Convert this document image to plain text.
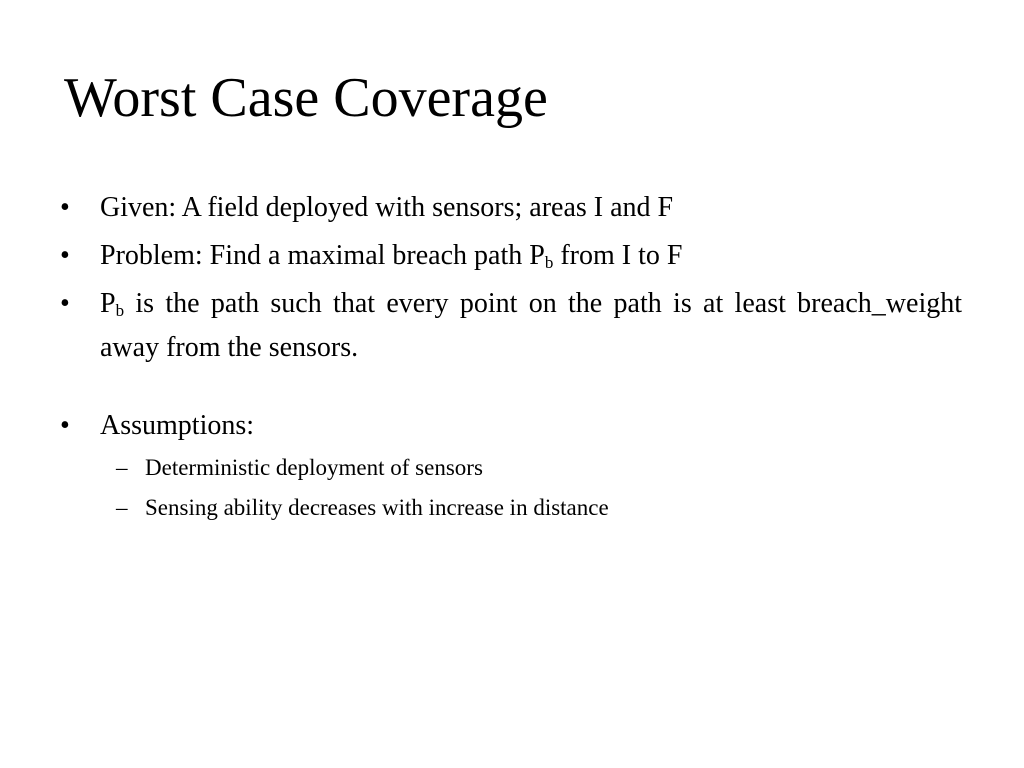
Worst Case Coverage
•	Given: A field deployed with sensors; areas I and F
•	Problem: Find a maximal breach path $P_b$ from I to F
•	$P_b$ is the path such that every point on the path is at least breach_weight away from the sensors.
•	Assumptions:
– Deterministic deployment of sensors
– Sensing ability decreases with increase in distance
